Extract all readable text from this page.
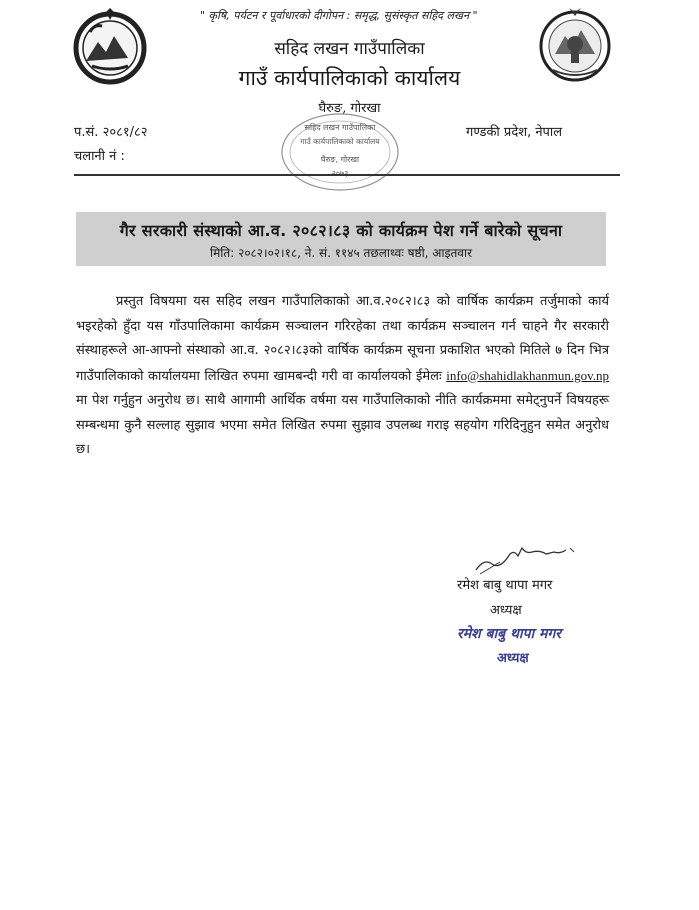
" कृषि, पर्यटन र पूर्वाधारको दीगोपन : समृद्ध, सुसंस्कृत सहिद लखन "
सहिद लखन गाउँपालिका
गाउँ कार्यपालिकाको कार्यालय
घैरुङ, गोरखा
प.सं. २०८१/८२
चलानी नं :
गण्डकी प्रदेश, नेपाल
सहिद लखन गाउँपालिका
गाउँ कार्यपालिकाको कार्यालय
घैरुङ, गोरखा
२०७३
गैर सरकारी संस्थाको आ.व. २०८२।८३ को कार्यक्रम पेश गर्ने बारेको सूचना
मिति: २०८२।०२।१८, ने. सं. ११४५ तछलाथ्वः षष्ठी, आइतवार
प्रस्तुत विषयमा यस सहिद लखन गाउँपालिकाको आ.व.२०८२।८३ को वार्षिक कार्यक्रम तर्जुमाको कार्य भइरहेको हुँदा यस गाँउपालिकामा कार्यक्रम सञ्चालन गरिरहेका तथा कार्यक्रम सञ्चालन गर्न चाहने गैर सरकारी संस्थाहरूले आ-आफ्नो संस्थाको आ.व. २०८२।८३को वार्षिक कार्यक्रम सूचना प्रकाशित भएको मितिले ७ दिन भित्र गाउँपालिकाको कार्यालयमा लिखित रुपमा खामबन्दी गरी वा कार्यालयको ईमेलः info@shahidlakhanmun.gov.np मा पेश गर्नुहुन अनुरोध छ। साथै आगामी आर्थिक वर्षमा यस गाउँपालिकाको नीति कार्यक्रममा समेट्नुपर्ने विषयहरू सम्बन्धमा कुनै सल्लाह सुझाव भएमा समेत लिखित रुपमा सुझाव उपलब्ध गराइ सहयोग गरिदिनुहुन समेत अनुरोध छ।
रमेश बाबु थापा मगर
अध्यक्ष
रमेश बाबु थापा मगर
अध्यक्ष
